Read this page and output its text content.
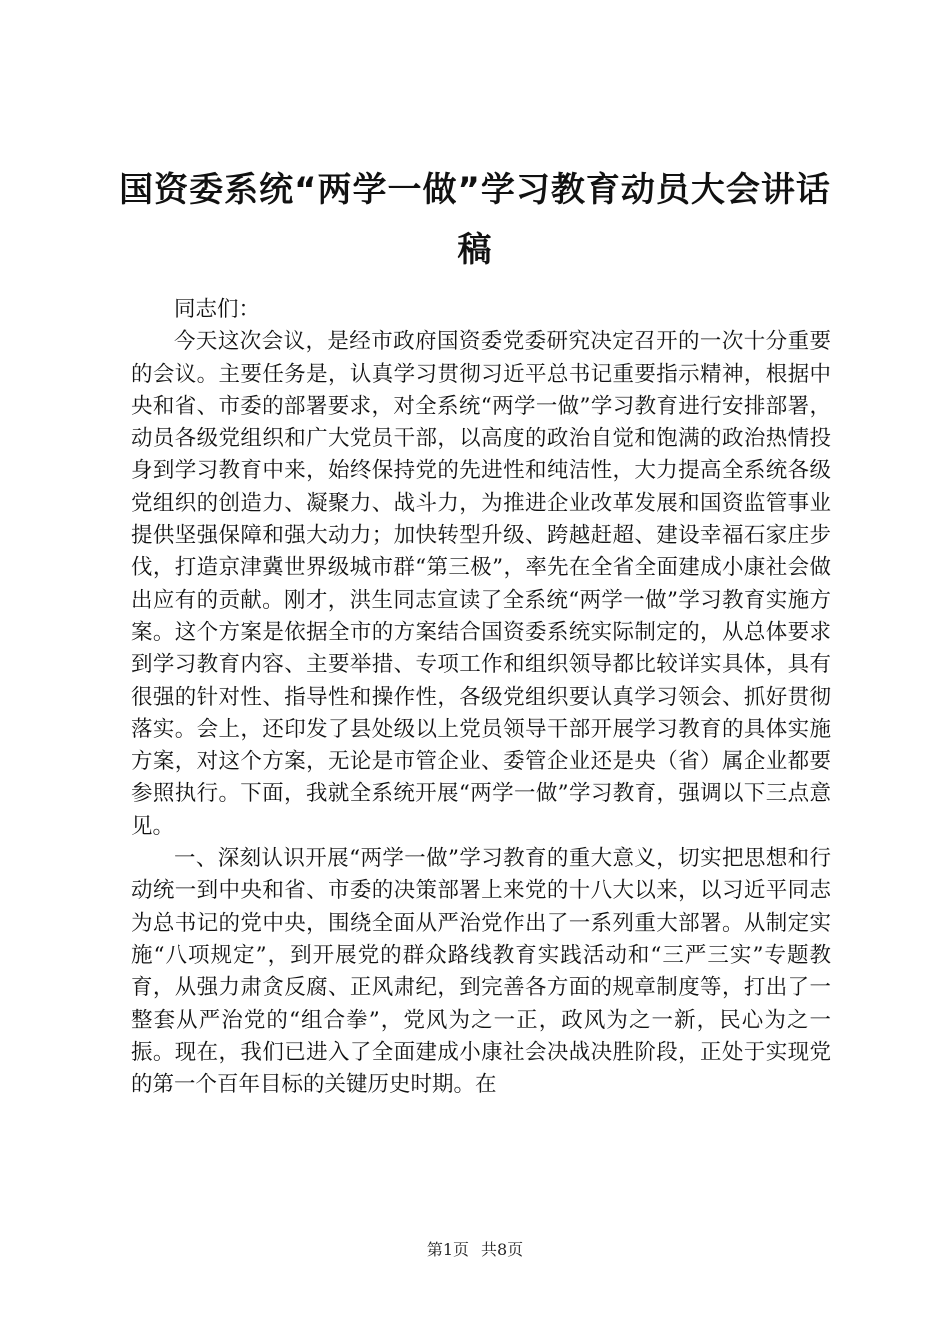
国资委系统“两学一做”学习教育动员大会讲话稿

同志们：

今天这次会议，是经市政府国资委党委研究决定召开的一次十分重要的会议。主要任务是，认真学习贯彻习近平总书记重要指示精神，根据中央和省、市委的部署要求，对全系统“两学一做”学习教育进行安排部署，动员各级党组织和广大党员干部，以高度的政治自觉和饱满的政治热情投身到学习教育中来，始终保持党的先进性和纯洁性，大力提高全系统各级党组织的创造力、凝聚力、战斗力，为推进企业改革发展和国资监管事业提供坚强保障和强大动力；加快转型升级、跨越赶超、建设幸福石家庄步伐，打造京津冀世界级城市群“第三极”，率先在全省全面建成小康社会做出应有的贡献。刚才，洪生同志宣读了全系统“两学一做”学习教育实施方案。这个方案是依据全市的方案结合国资委系统实际制定的，从总体要求到学习教育内容、主要举措、专项工作和组织领导都比较详实具体，具有很强的针对性、指导性和操作性，各级党组织要认真学习领会、抓好贯彻落实。会上，还印发了县处级以上党员领导干部开展学习教育的具体实施方案，对这个方案，无论是市管企业、委管企业还是央（省）属企业都要参照执行。下面，我就全系统开展“两学一做”学习教育，强调以下三点意见。

一、深刻认识开展“两学一做”学习教育的重大意义，切实把思想和行动统一到中央和省、市委的决策部署上来党的十八大以来，以习近平同志为总书记的党中央，围绕全面从严治党作出了一系列重大部署。从制定实施“八项规定”，到开展党的群众路线教育实践活动和“三严三实”专题教育，从强力肃贪反腐、正风肃纪，到完善各方面的规章制度等，打出了一整套从严治党的“组合拳”，党风为之一正，政风为之一新，民心为之一振。现在，我们已进入了全面建成小康社会决战决胜阶段，正处于实现党的第一个百年目标的关键历史时期。在

第1页 共8页
